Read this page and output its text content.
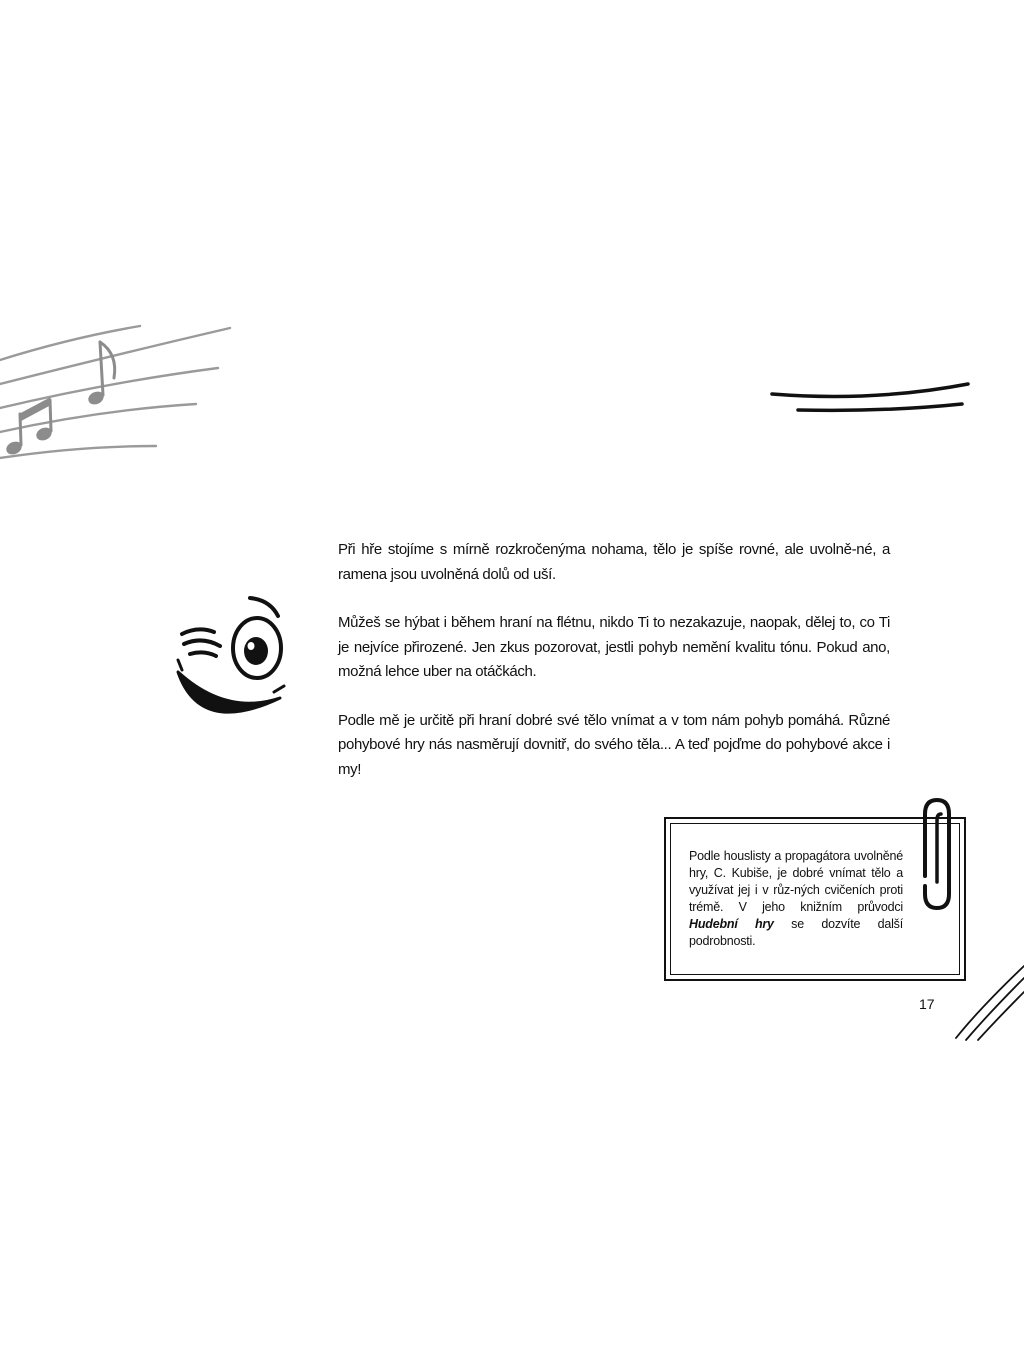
Při hře stojíme s mírně rozkročenýma nohama, tělo je spíše rovné, ale uvolně-né, a ramena jsou uvolněná dolů od uší.

Můžeš se hýbat i během hraní na flétnu, nikdo Ti to nezakazuje, naopak, dělej to, co Ti je nejvíce přirozené. Jen zkus pozorovat, jestli pohyb nemění kvalitu tónu. Pokud ano, možná lehce uber na otáčkách.

Podle mě je určitě při hraní dobré své tělo vnímat a v tom nám pohyb pomáhá. Různé pohybové hry nás nasměrují dovnitř, do svého těla... A teď pojďme do pohybové akce i my!

Podle houslisty a propagátora uvolněné hry, C. Kubiše, je dobré vnímat tělo a využívat jej i v růz-ných cvičeních proti trémě. V jeho knižním průvodci Hudební hry se dozvíte další podrobnosti.
17
